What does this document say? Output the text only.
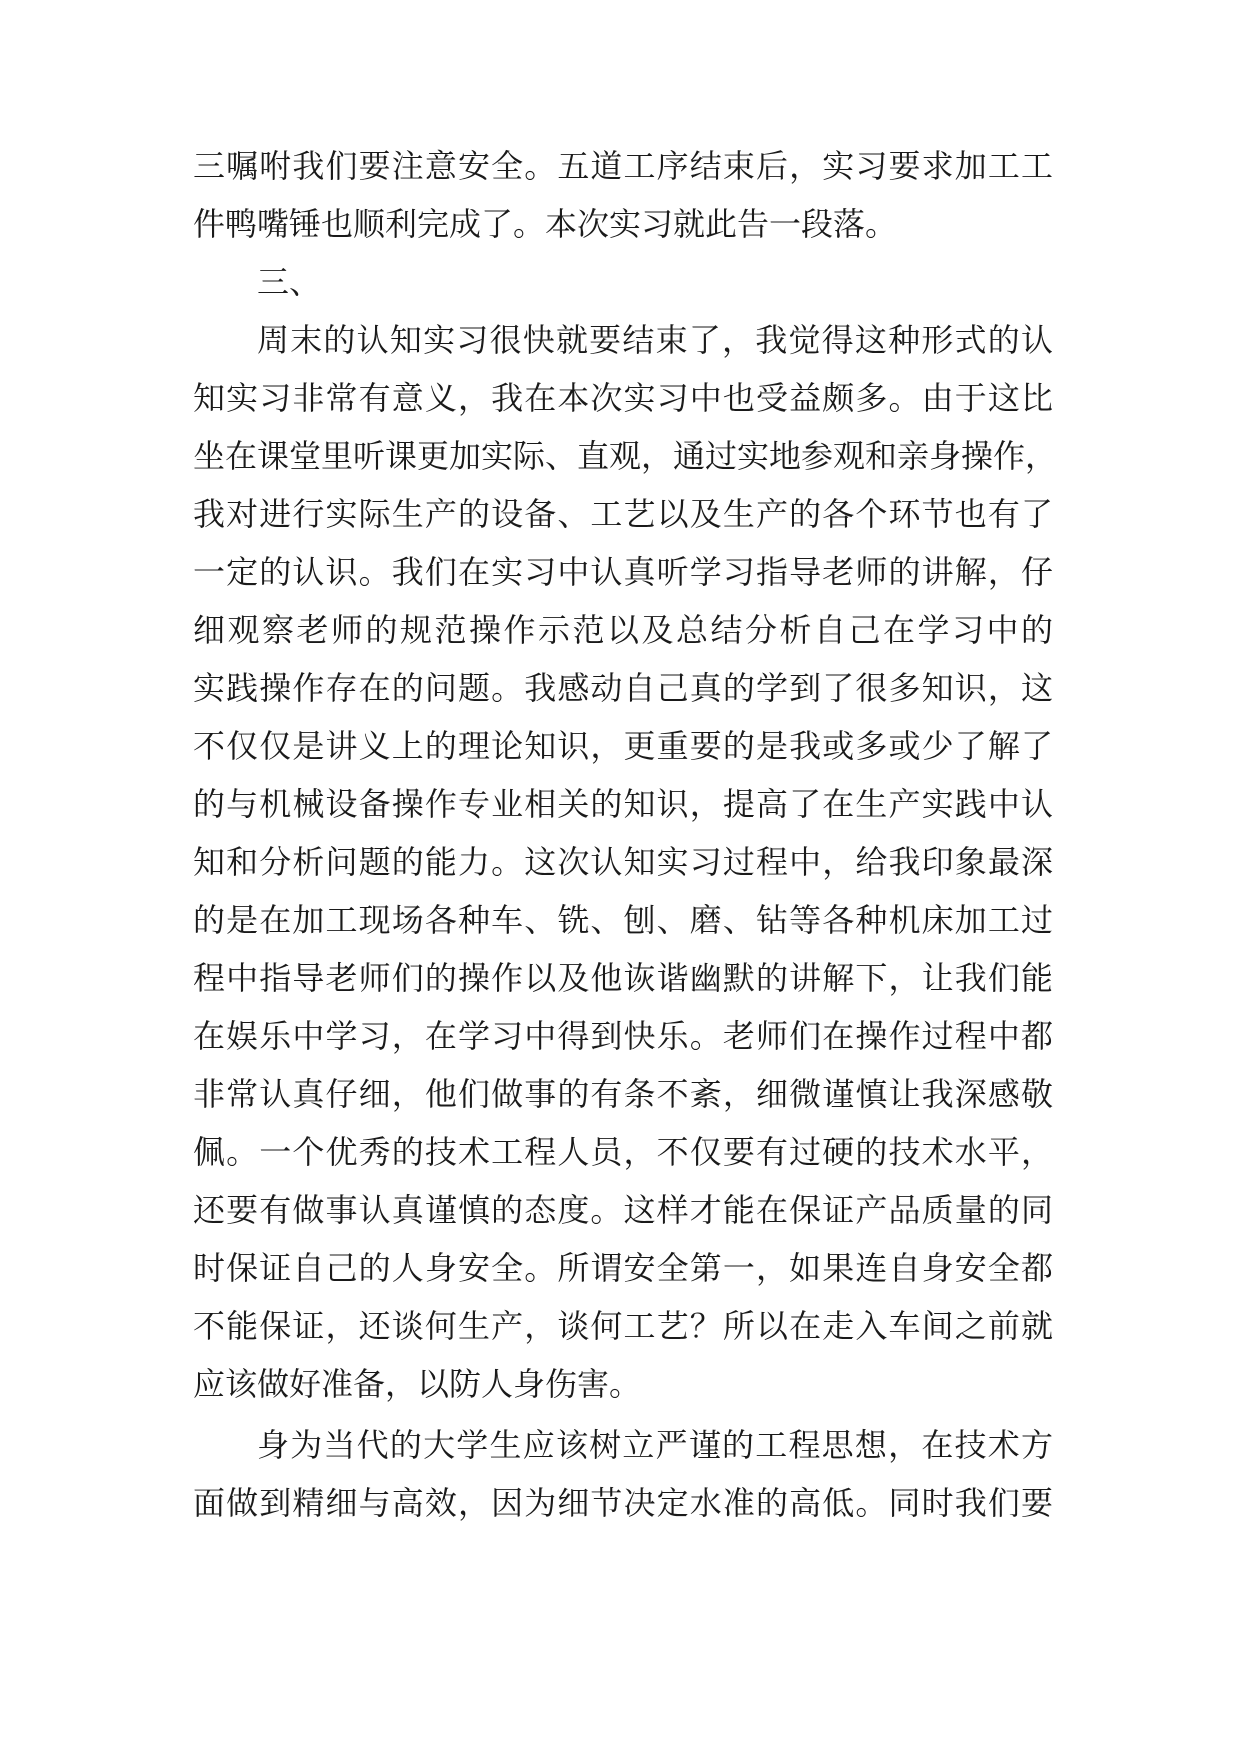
三嘱咐我们要注意安全。五道工序结束后，实习要求加工工
件鸭嘴锤也顺利完成了。本次实习就此告一段落。
三、
周末的认知实习很快就要结束了，我觉得这种形式的认
知实习非常有意义，我在本次实习中也受益颇多。由于这比
坐在课堂里听课更加实际、直观，通过实地参观和亲身操作，
我对进行实际生产的设备、工艺以及生产的各个环节也有了
一定的认识。我们在实习中认真听学习指导老师的讲解，仔
细观察老师的规范操作示范以及总结分析自己在学习中的
实践操作存在的问题。我感动自己真的学到了很多知识，这
不仅仅是讲义上的理论知识，更重要的是我或多或少了解了
的与机械设备操作专业相关的知识，提高了在生产实践中认
知和分析问题的能力。这次认知实习过程中，给我印象最深
的是在加工现场各种车、铣、刨、磨、钻等各种机床加工过
程中指导老师们的操作以及他诙谐幽默的讲解下，让我们能
在娱乐中学习，在学习中得到快乐。老师们在操作过程中都
非常认真仔细，他们做事的有条不紊，细微谨慎让我深感敬
佩。一个优秀的技术工程人员，不仅要有过硬的技术水平，
还要有做事认真谨慎的态度。这样才能在保证产品质量的同
时保证自己的人身安全。所谓安全第一，如果连自身安全都
不能保证，还谈何生产，谈何工艺？所以在走入车间之前就
应该做好准备，以防人身伤害。
身为当代的大学生应该树立严谨的工程思想，在技术方
面做到精细与高效，因为细节决定水准的高低。同时我们要
